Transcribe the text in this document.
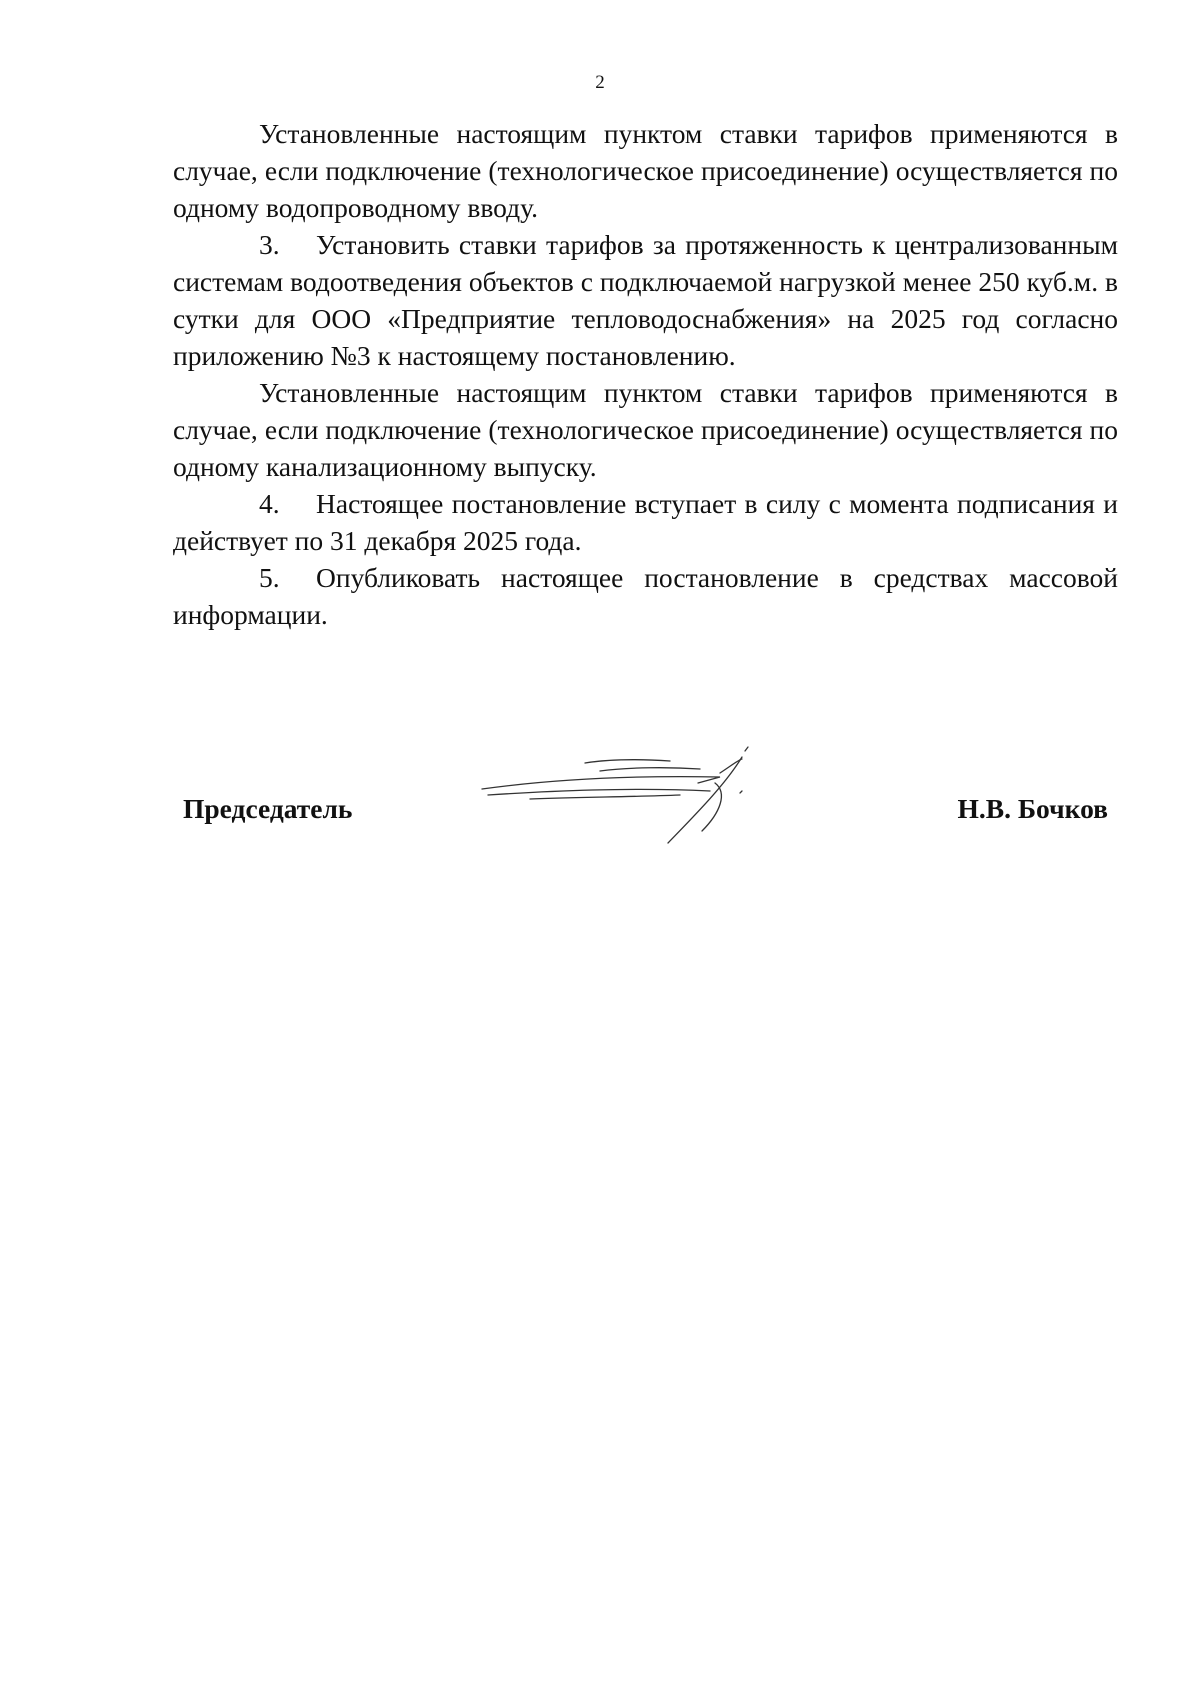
2

Установленные настоящим пунктом ставки тарифов применяются в случае, если подключение (технологическое присоединение) осуществляется по одному водопроводному вводу.

3. Установить ставки тарифов за протяженность к централизованным системам водоотведения объектов с подключаемой нагрузкой менее 250 куб.м. в сутки для ООО «Предприятие тепловодоснабжения» на 2025 год согласно приложению №3 к настоящему постановлению.

Установленные настоящим пунктом ставки тарифов применяются в случае, если подключение (технологическое присоединение) осуществляется по одному канализационному выпуску.

4. Настоящее постановление вступает в силу с момента подписания и действует по 31 декабря 2025 года.

5. Опубликовать настоящее постановление в средствах массовой информации.

Председатель	Н.В. Бочков
